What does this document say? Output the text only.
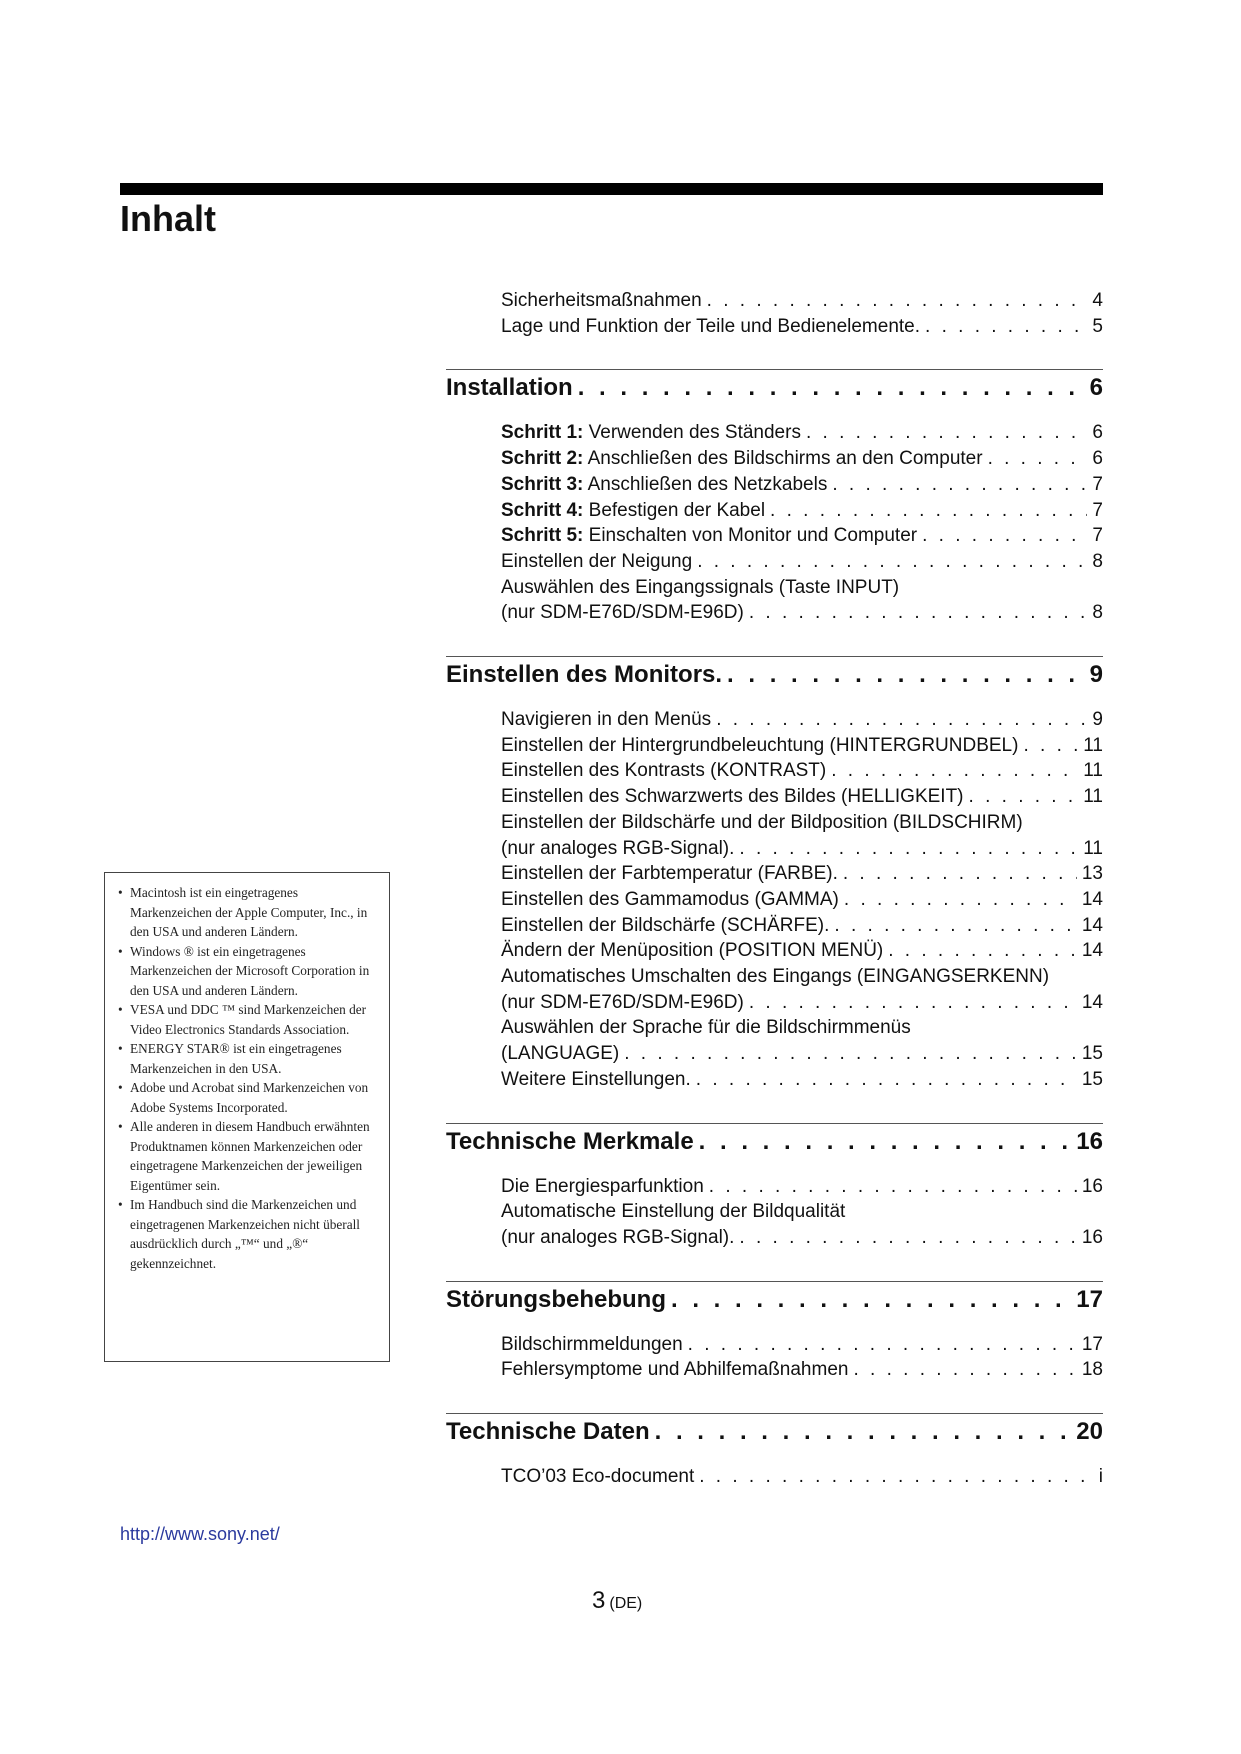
Inhalt
Sicherheitsmaßnahmen . . .	4
Lage und Funktion der Teile und Bedienelemente. . . .	5
Installation . . .	6
Schritt 1: Verwenden des Ständers . . .	6
Schritt 2: Anschließen des Bildschirms an den Computer . . .	6
Schritt 3: Anschließen des Netzkabels . . .	7
Schritt 4: Befestigen der Kabel . . .	7
Schritt 5: Einschalten von Monitor und Computer . . .	7
Einstellen der Neigung . . .	8
Auswählen des Eingangssignals (Taste INPUT)
(nur SDM-E76D/SDM-E96D) . . .	8
Einstellen des Monitors. . . .	9
Navigieren in den Menüs . . .	9
Einstellen der Hintergrundbeleuchtung (HINTERGRUNDBEL) . . .	11
Einstellen des Kontrasts (KONTRAST) . . .	11
Einstellen des Schwarzwerts des Bildes (HELLIGKEIT) . . .	11
Einstellen der Bildschärfe und der Bildposition (BILDSCHIRM)
(nur analoges RGB-Signal). . . .	11
Einstellen der Farbtemperatur (FARBE). . . .	13
Einstellen des Gammamodus (GAMMA) . . .	14
Einstellen der Bildschärfe (SCHÄRFE). . . .	14
Ändern der Menüposition (POSITION MENÜ) . . .	14
Automatisches Umschalten des Eingangs (EINGANGSERKENN)
(nur SDM-E76D/SDM-E96D) . . .	14
Auswählen der Sprache für die Bildschirmmenüs
(LANGUAGE) . . .	15
Weitere Einstellungen. . . .	15
Technische Merkmale . . .	16
Die Energiesparfunktion . . .	16
Automatische Einstellung der Bildqualität
(nur analoges RGB-Signal). . . .	16
Störungsbehebung . . .	17
Bildschirmmeldungen . . .	17
Fehlersymptome und Abhilfemaßnahmen . . .	18
Technische Daten . . .	20
TCO’03 Eco-document . . .	i
• Macintosh ist ein eingetragenes Markenzeichen der Apple Computer, Inc., in den USA und anderen Ländern.
• Windows ® ist ein eingetragenes Markenzeichen der Microsoft Corporation in den USA und anderen Ländern.
• VESA und DDC ™ sind Markenzeichen der Video Electronics Standards Association.
• ENERGY STAR® ist ein eingetragenes Markenzeichen in den USA.
• Adobe und Acrobat sind Markenzeichen von Adobe Systems Incorporated.
• Alle anderen in diesem Handbuch erwähnten Produktnamen können Markenzeichen oder eingetragene Markenzeichen der jeweiligen Eigentümer sein.
• Im Handbuch sind die Markenzeichen und eingetragenen Markenzeichen nicht überall ausdrücklich durch „™“ und „®“ gekennzeichnet.
http://www.sony.net/
3 (DE)
